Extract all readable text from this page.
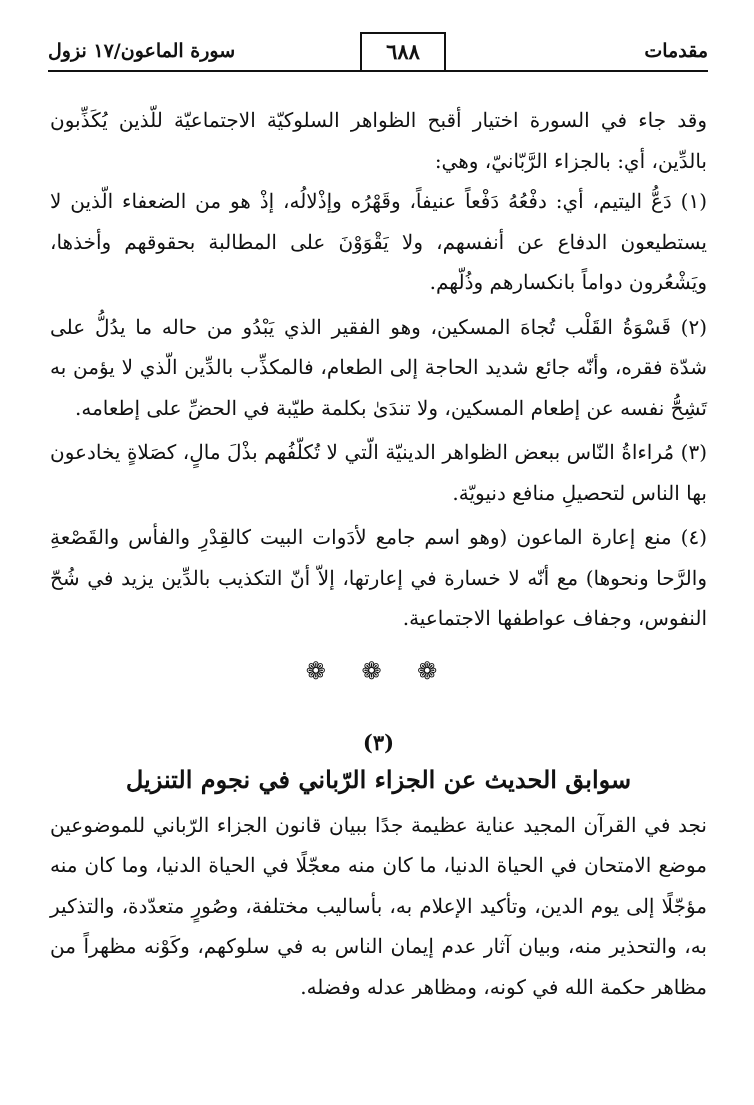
مقدمات
٦٨٨
سورة الماعون/١٧ نزول

وقد جاء في السورة اختيار أقبح الظواهر السلوكيّة الاجتماعيّة للّذين يُكَذِّبون بالدِّين، أي: بالجزاء الرَّبّانيّ، وهي:

(١) دَعُّ اليتيم، أي: دفْعُهُ دَفْعاً عنيفاً، وقَهْرُه وإذْلالُه، إذْ هو من الضعفاء الّذين لا يستطيعون الدفاع عن أنفسهم، ولا يَقْوَوْنَ على المطالبة بحقوقهم وأخذها، ويَشْعُرون دواماً بانكسارهم وذُلّهم.

(٢) قَسْوَةُ القَلْب تُجاهَ المسكين، وهو الفقير الذي يَبْدُو من حاله ما يدُلُّ على شدّة فقره، وأنّه جائع شديد الحاجة إلى الطعام، فالمكذِّب بالدِّين الّذي لا يؤمن به تَشِحُّ نفسه عن إطعام المسكين، ولا تندَىٰ بكلمة طيّبة في الحضِّ على إطعامه.

(٣) مُراءاةُ النّاس ببعض الظواهر الدينيّة الّتي لا تُكلّفُهم بذْلَ مالٍ، كصَلاةٍ يخادعون بها الناس لتحصيلِ منافع دنيويّة.

(٤) منع إعارة الماعون (وهو اسم جامع لأدَوات البيت كالقِدْرِ والفأس والقَصْعةِ والرَّحا ونحوها) مع أنّه لا خسارة في إعارتها، إلاّ أنّ التكذيب بالدِّين يزيد في شُحّ النفوس، وجفاف عواطفها الاجتماعية.

❁ ❁ ❁
(٣)
سوابق الحديث عن الجزاء الرّباني في نجوم التنزيل

نجد في القرآن المجيد عناية عظيمة جدًا ببيان قانون الجزاء الرّباني للموضوعين موضع الامتحان في الحياة الدنيا، ما كان منه معجّلًا في الحياة الدنيا، وما كان منه مؤجّلًا إلى يوم الدين، وتأكيد الإعلام به، بأساليب مختلفة، وصُورٍ متعدّدة، والتذكير به، والتحذير منه، وبيان آثار عدم إيمان الناس به في سلوكهم، وكَوْنه مظهراً من مظاهر حكمة الله في كونه، ومظاهر عدله وفضله.
